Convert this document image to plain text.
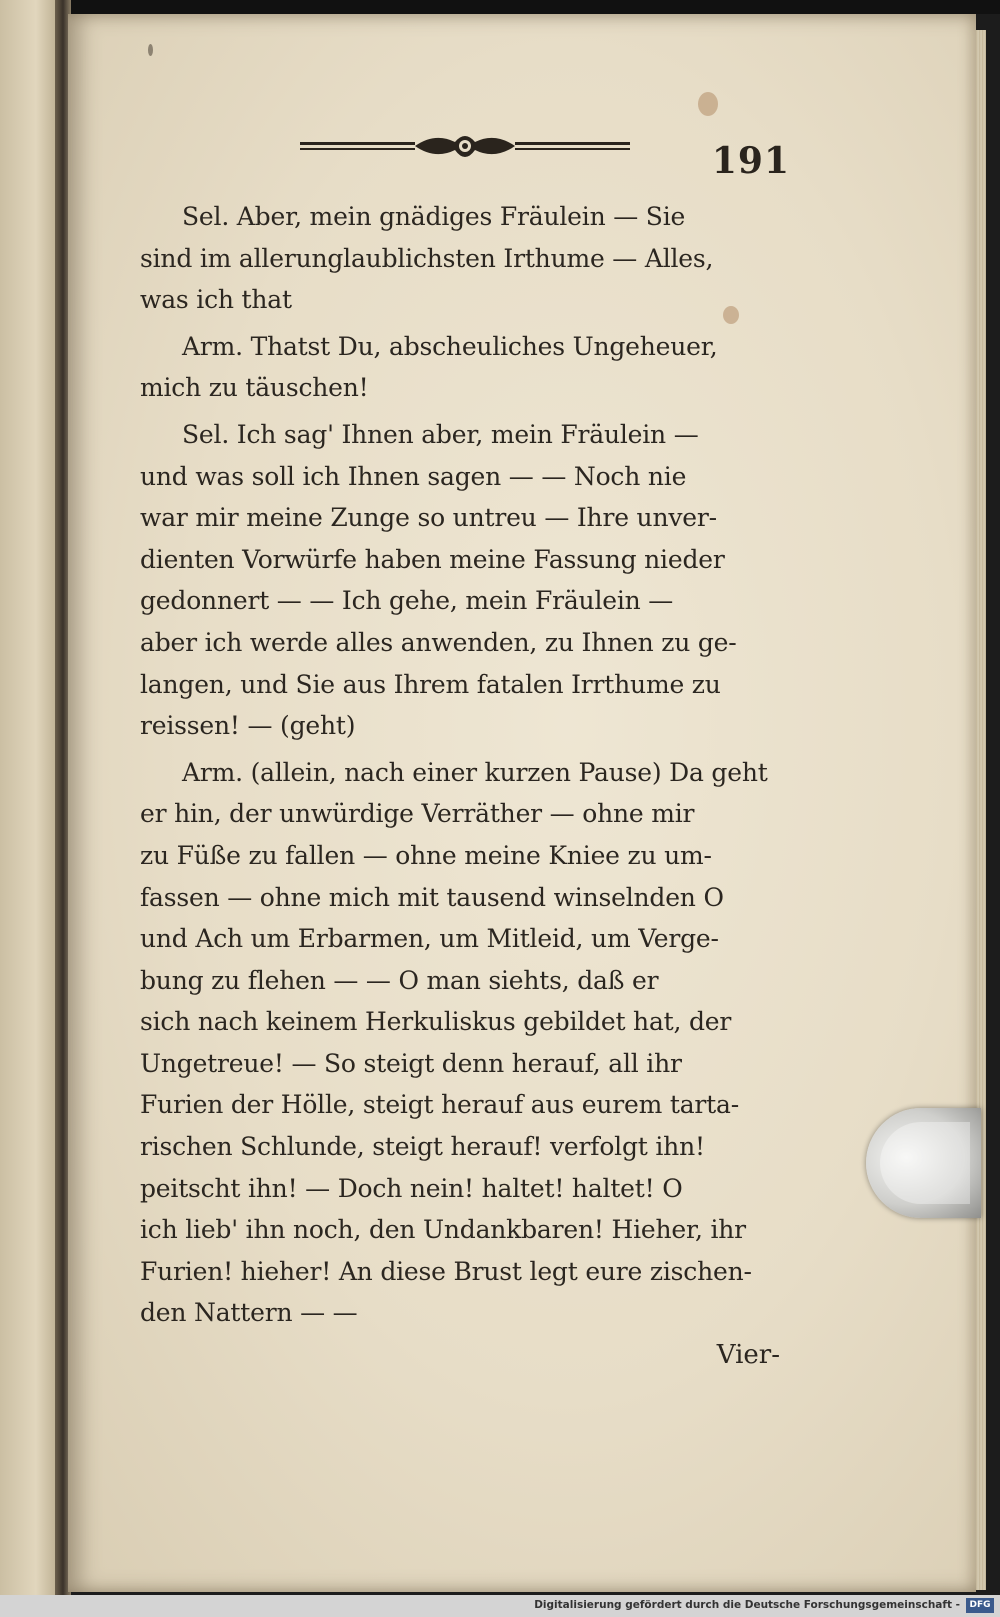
191
Sel. Aber, mein gnädiges Fräulein — Sie
sind im allerunglaublichsten Irthume — Alles,
was ich that
Arm. Thatst Du, abscheuliches Ungeheuer,
mich zu täuschen!
Sel. Ich sag' Ihnen aber, mein Fräulein —
und was soll ich Ihnen sagen — — Noch nie
war mir meine Zunge so untreu — Ihre unver-
dienten Vorwürfe haben meine Fassung nieder
gedonnert — — Ich gehe, mein Fräulein —
aber ich werde alles anwenden, zu Ihnen zu ge-
langen, und Sie aus Ihrem fatalen Irrthume zu
reissen! — (geht)
Arm. (allein, nach einer kurzen Pause) Da geht
er hin, der unwürdige Verräther — ohne mir
zu Füße zu fallen — ohne meine Kniee zu um-
fassen — ohne mich mit tausend winselnden O
und Ach um Erbarmen, um Mitleid, um Verge-
bung zu flehen — — O man siehts, daß er
sich nach keinem Herkuliskus gebildet hat, der
Ungetreue! — So steigt denn herauf, all ihr
Furien der Hölle, steigt herauf aus eurem tarta-
rischen Schlunde, steigt herauf! verfolgt ihn!
peitscht ihn! — Doch nein! haltet! haltet! O
ich lieb' ihn noch, den Undankbaren! Hieher, ihr
Furien! hieher! An diese Brust legt eure zischen-
den Nattern — —
Vier-
Digitalisierung gefördert durch die Deutsche Forschungsgemeinschaft -	DFG
